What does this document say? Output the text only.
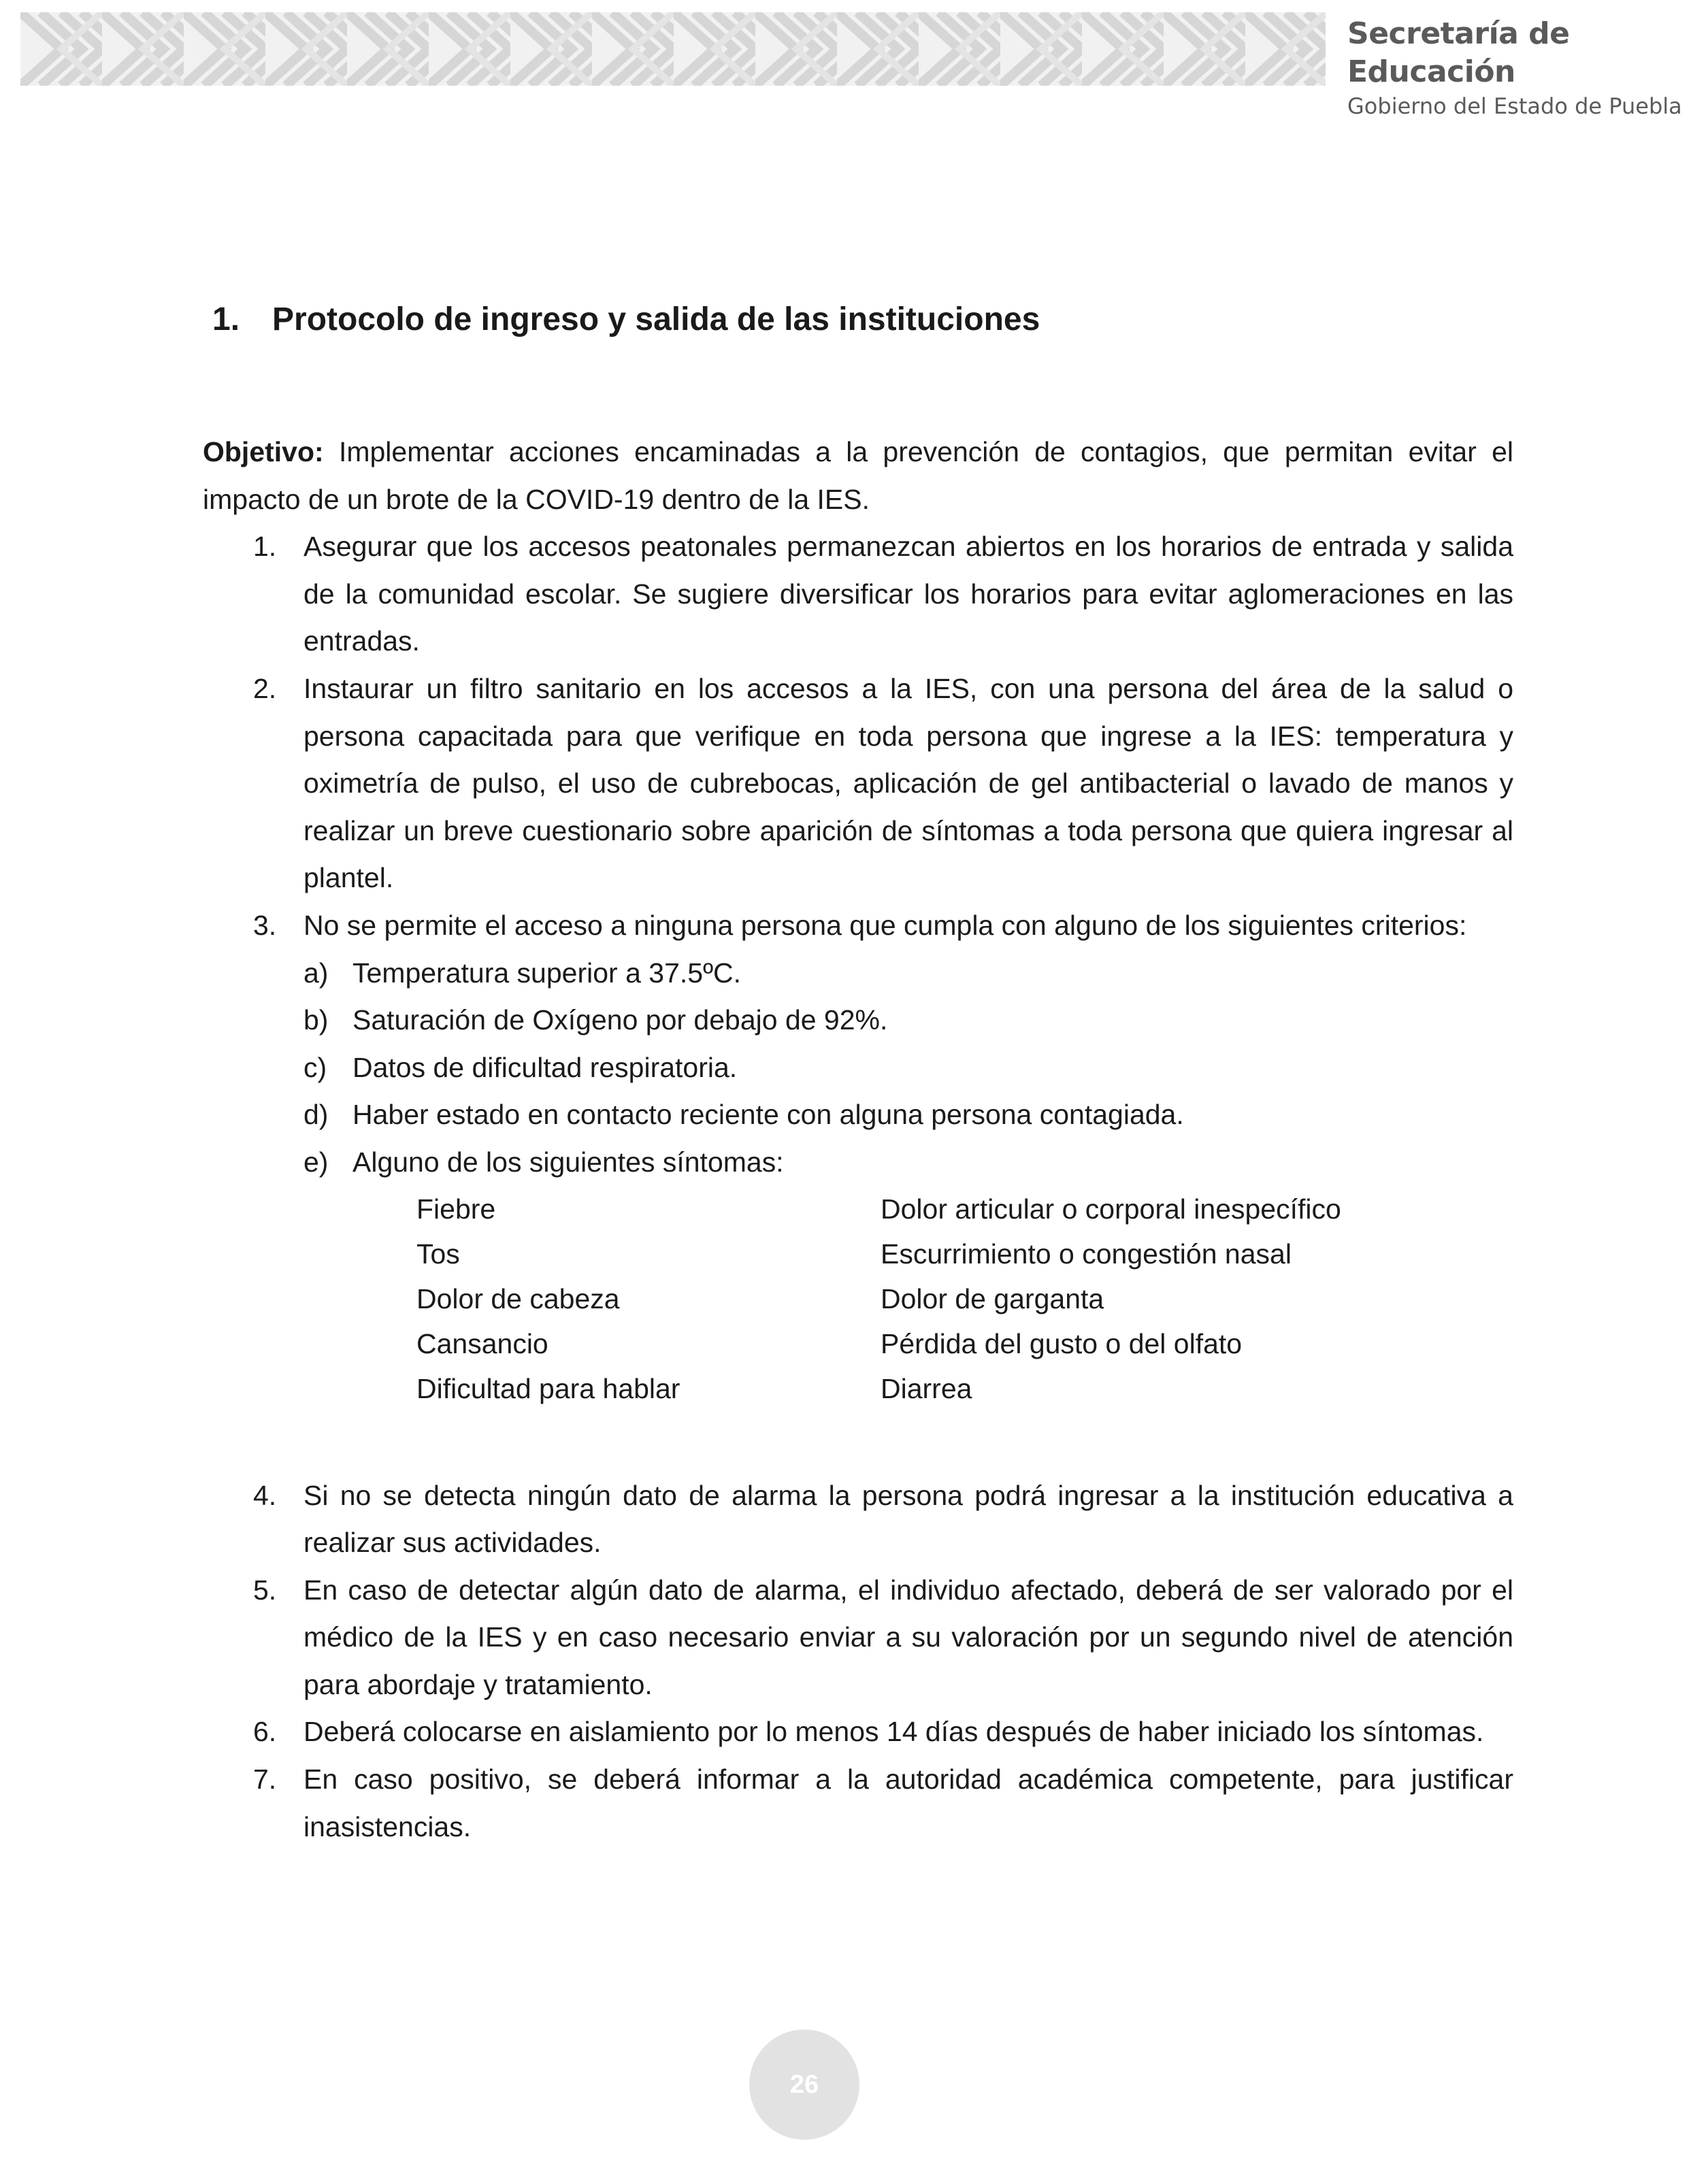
Secretaría de Educación
Gobierno del Estado de Puebla
1. Protocolo de ingreso y salida de las instituciones
Objetivo: Implementar acciones encaminadas a la prevención de contagios, que permitan evitar el impacto de un brote de la COVID-19 dentro de la IES.
1. Asegurar que los accesos peatonales permanezcan abiertos en los horarios de entrada y salida de la comunidad escolar. Se sugiere diversificar los horarios para evitar aglomeraciones en las entradas.
2. Instaurar un filtro sanitario en los accesos a la IES, con una persona del área de la salud o persona capacitada para que verifique en toda persona que ingrese a la IES: temperatura y oximetría de pulso, el uso de cubrebocas, aplicación de gel antibacterial o lavado de manos y realizar un breve cuestionario sobre aparición de síntomas a toda persona que quiera ingresar al plantel.
3. No se permite el acceso a ninguna persona que cumpla con alguno de los siguientes criterios:
a) Temperatura superior a 37.5ºC.
b) Saturación de Oxígeno por debajo de 92%.
c) Datos de dificultad respiratoria.
d) Haber estado en contacto reciente con alguna persona contagiada.
e) Alguno de los siguientes síntomas:
Fiebre	Dolor articular o corporal inespecífico
Tos	Escurrimiento o congestión nasal
Dolor de cabeza	Dolor de garganta
Cansancio	Pérdida del gusto o del olfato
Dificultad para hablar	Diarrea
4. Si no se detecta ningún dato de alarma la persona podrá ingresar a la institución educativa a realizar sus actividades.
5. En caso de detectar algún dato de alarma, el individuo afectado, deberá de ser valorado por el médico de la IES y en caso necesario enviar a su valoración por un segundo nivel de atención para abordaje y tratamiento.
6. Deberá colocarse en aislamiento por lo menos 14 días después de haber iniciado los síntomas.
7. En caso positivo, se deberá informar a la autoridad académica competente, para justificar inasistencias.
26
